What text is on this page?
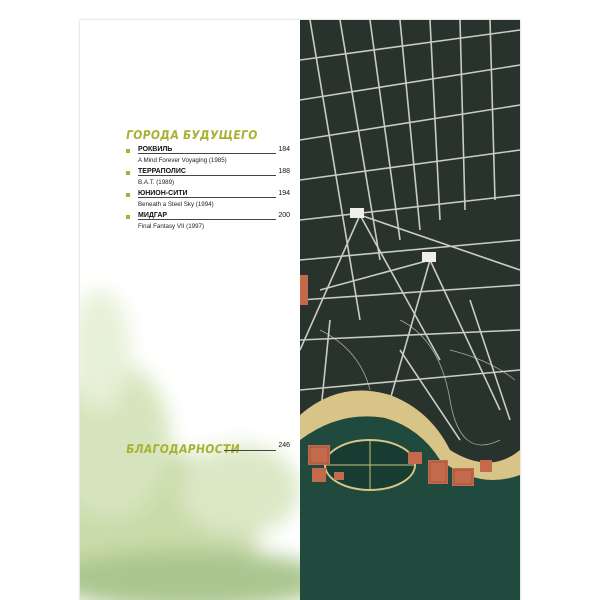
ГОРОДА БУДУЩЕГО
РОКВИЛЬ	184
A Mind Forever Voyaging (1985)
ТЕРРАПОЛИС	188
B.A.T. (1989)
ЮНИОН-СИТИ	194
Beneath a Steel Sky (1994)
МИДГАР	200
Final Fantasy VII (1997)
БЛАГОДАРНОСТИ	246
